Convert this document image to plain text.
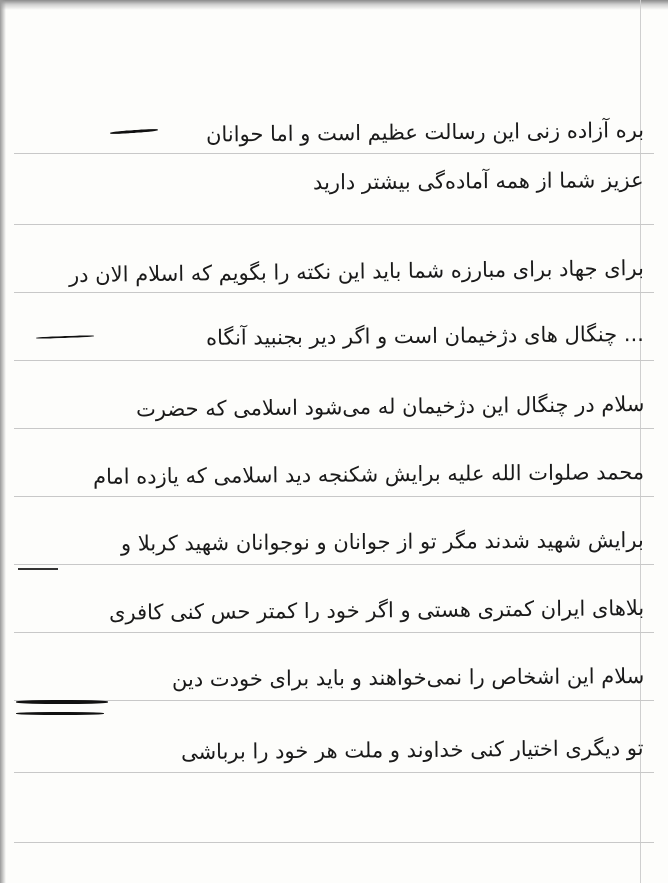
بره آزاده زنی این رسالت عظیم است و اما حوانان
عزیز شما از همه آماده‌گی بیشتر دارید
برای جهاد برای مبارزه شما باید این نکته را بگویم که اسلام الان در
... چنگال های دژخیمان است و اگر دیر بجنبید آنگاه
سلام در چنگال این دژخیمان له می‌شود اسلامی که حضرت
محمد صلوات الله علیه برایش شکنجه دید اسلامی که یازده امام
برایش شهید شدند مگر تو از جوانان و نوجوانان شهید کربلا و
بلاهای ایران کمتری هستی و اگر خود را کمتر حس کنی کافری
سلام این اشخاص را نمی‌خواهند و باید برای خودت دین
تو دیگری اختیار کنی خداوند و ملت هر خود را برباشی
